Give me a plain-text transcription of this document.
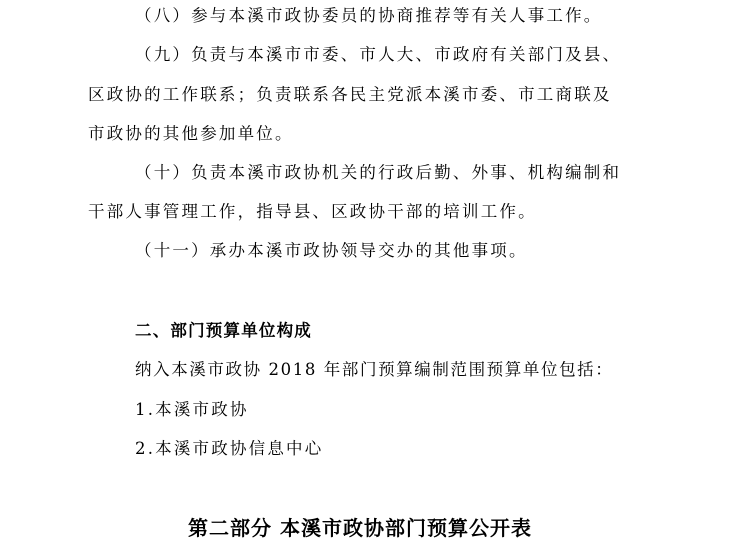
（八）参与本溪市政协委员的协商推荐等有关人事工作。
（九）负责与本溪市市委、市人大、市政府有关部门及县、
区政协的工作联系；负责联系各民主党派本溪市委、市工商联及
市政协的其他参加单位。
（十）负责本溪市政协机关的行政后勤、外事、机构编制和
干部人事管理工作，指导县、区政协干部的培训工作。
（十一）承办本溪市政协领导交办的其他事项。
二、部门预算单位构成
纳入本溪市政协 2018 年部门预算编制范围预算单位包括：
1.本溪市政协
2.本溪市政协信息中心
第二部分 本溪市政协部门预算公开表
